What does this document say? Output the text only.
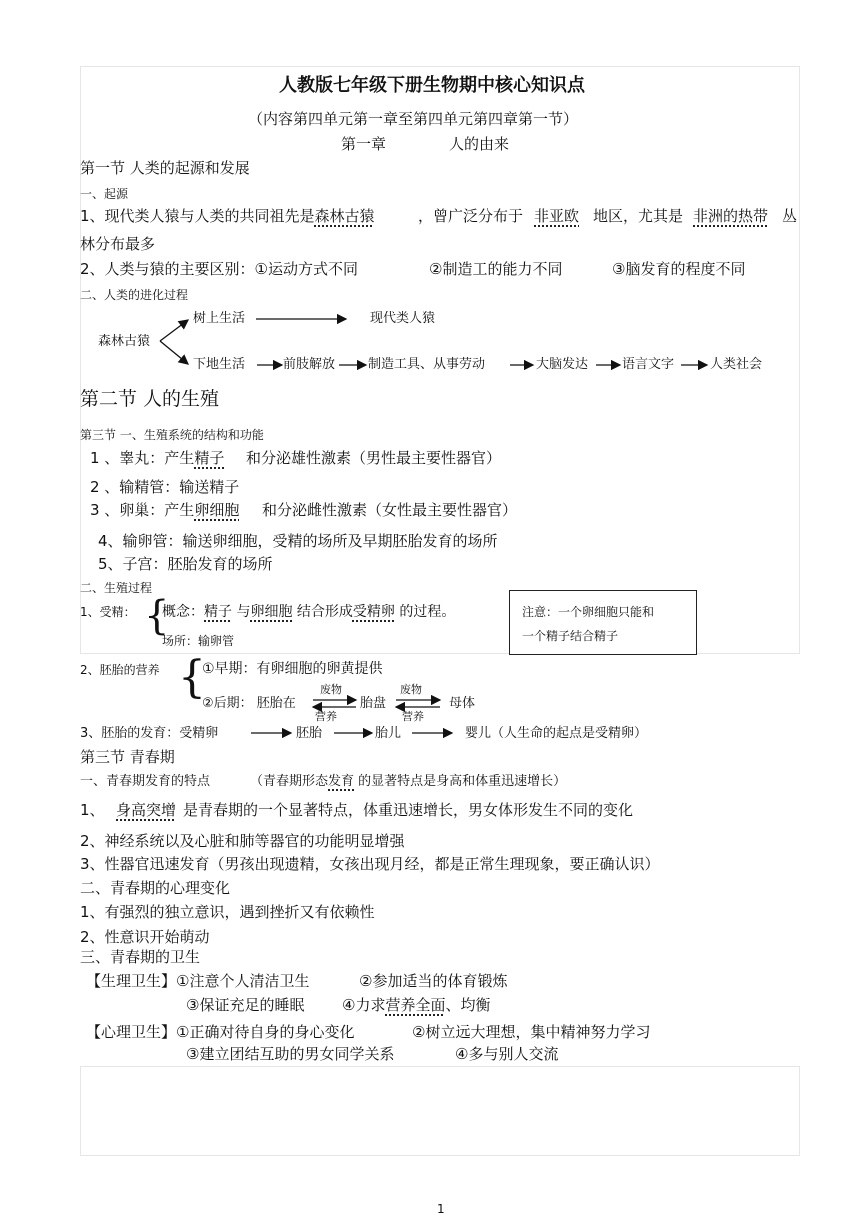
人教版七年级下册生物期中核心知识点
（内容第四单元第一章至第四单元第四章第一节）
第一章	人的由来
第一节 人类的起源和发展
一、起源
1、现代类人猿与人类的共同祖先是森林古猿	，曾广泛分布于 非亚欧 地区，尤其是 非洲的热带 丛
林分布最多
2、人类与猿的主要区别：①运动方式不同	②制造工的能力不同	③脑发育的程度不同
二、人类的进化过程
森林古猿
树上生活	现代类人猿
下地生活	前肢解放	制造工具、从事劳动	大脑发达	语言文字	人类社会
第二节 人的生殖
第三节 一、生殖系统的结构和功能
1 、睾丸：产生精子 和分泌雄性激素（男性最主要性器官）
2 、输精管：输送精子
3 、卵巢：产生卵细胞 和分泌雌性激素（女性最主要性器官）
4、输卵管：输送卵细胞，受精的场所及早期胚胎发育的场所
5、子宫：胚胎发育的场所
二、生殖过程
1、受精： {
概念：精子 与卵细胞 结合形成受精卵 的过程。
场所：输卵管
注意：一个卵细胞只能和
一个精子结合精子
2、胚胎的营养 {
①早期：有卵细胞的卵黄提供
②后期： 胚胎在
废物
营养
胎盘
废物
营养
母体
3、胚胎的发育：受精卵	胚胎	胎儿	婴儿（人生命的起点是受精卵）
第三节 青春期
一、青春期发育的特点	（青春期形态发育 的显著特点是身高和体重迅速增长）
1、 身高突增 是青春期的一个显著特点，体重迅速增长，男女体形发生不同的变化
2、神经系统以及心脏和肺等器官的功能明显增强
3、性器官迅速发育（男孩出现遗精，女孩出现月经，都是正常生理现象，要正确认识）
二、青春期的心理变化
1、有强烈的独立意识，遇到挫折又有依赖性
2、性意识开始萌动
三、青春期的卫生
【生理卫生】①注意个人清洁卫生	②参加适当的体育锻炼
③保证充足的睡眠	④力求营养全面、均衡
【心理卫生】①正确对待自身的身心变化	②树立远大理想，集中精神努力学习
③建立团结互助的男女同学关系	④多与别人交流
1
